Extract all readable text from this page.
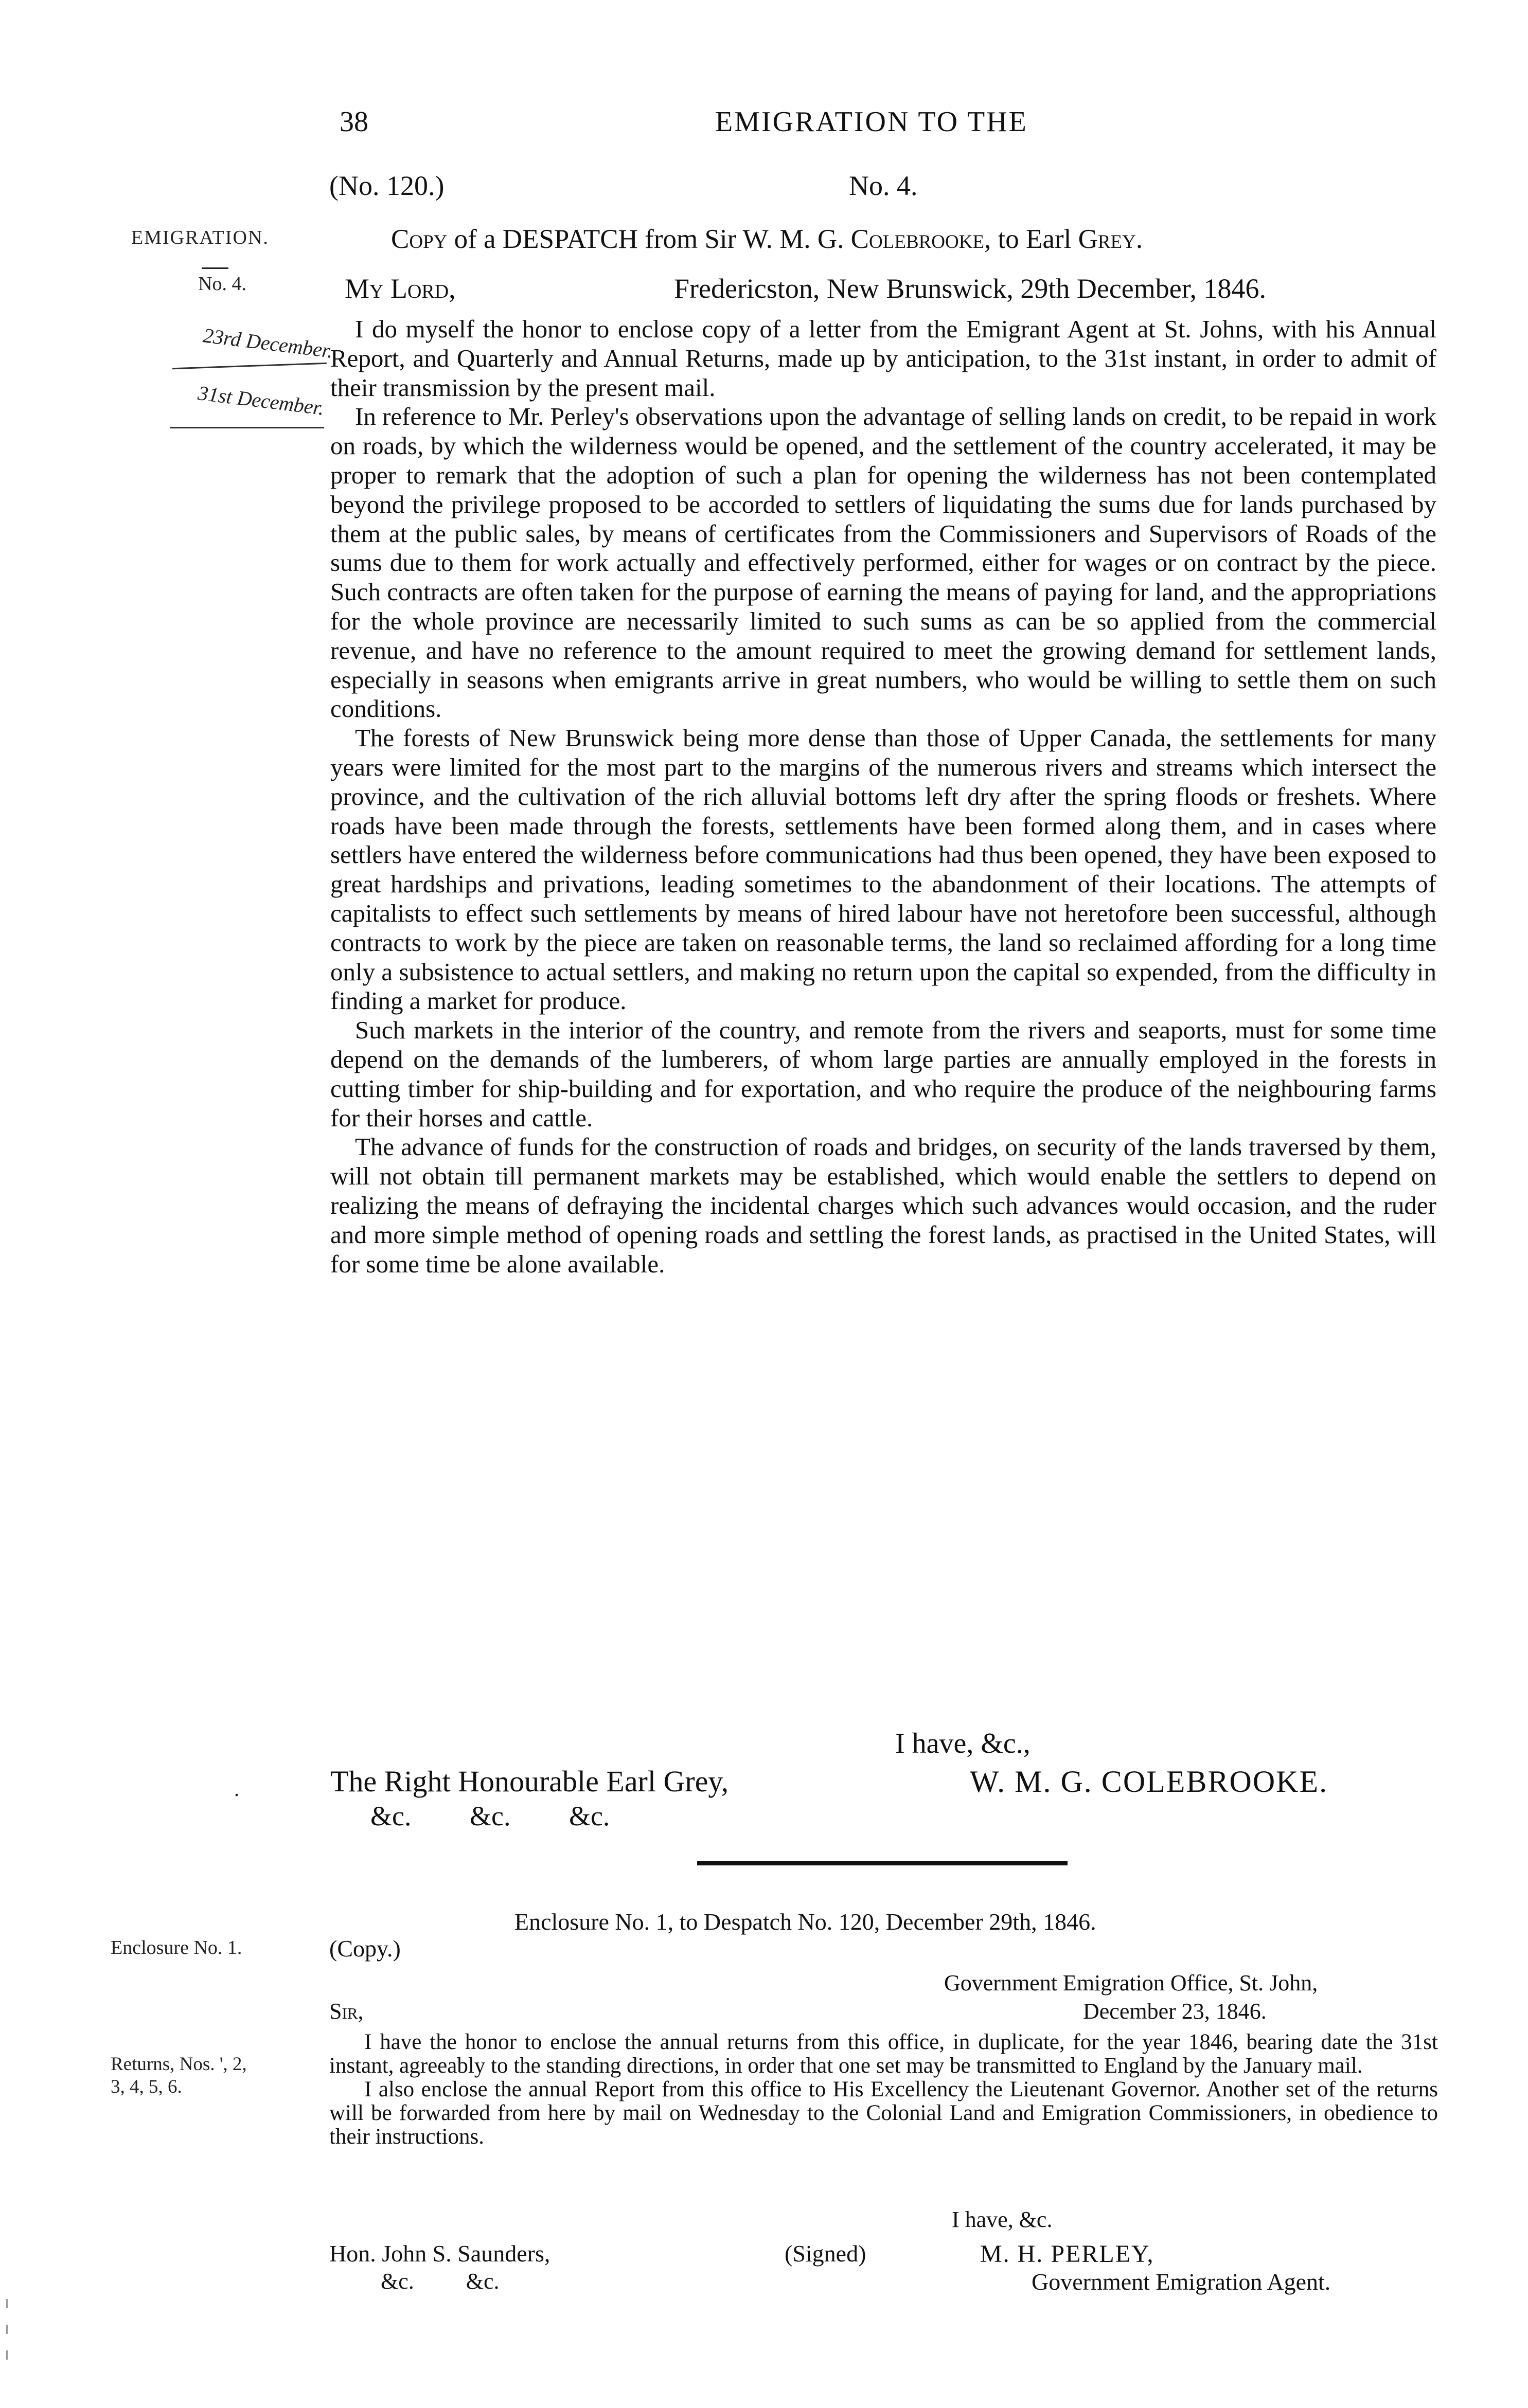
38	EMIGRATION TO THE
EMIGRATION.
No. 4.
23rd December.
31st December.
(No. 120.)	No. 4.
Copy of a DESPATCH from Sir W. M. G. Colebrooke, to Earl Grey.
My Lord,	Fredericston, New Brunswick, 29th December, 1846.

I do myself the honor to enclose copy of a letter from the Emigrant Agent at St. Johns, with his Annual Report, and Quarterly and Annual Returns, made up by anticipation, to the 31st instant, in order to admit of their transmission by the present mail.

In reference to Mr. Perley's observations upon the advantage of selling lands on credit, to be repaid in work on roads, by which the wilderness would be opened, and the settlement of the country accelerated, it may be proper to remark that the adoption of such a plan for opening the wilderness has not been contemplated beyond the privilege proposed to be accorded to settlers of liquidating the sums due for lands purchased by them at the public sales, by means of certificates from the Commissioners and Supervisors of Roads of the sums due to them for work actually and effectively performed, either for wages or on contract by the piece. Such contracts are often taken for the purpose of earning the means of paying for land, and the appropriations for the whole province are necessarily limited to such sums as can be so applied from the commercial revenue, and have no reference to the amount required to meet the growing demand for settlement lands, especially in seasons when emigrants arrive in great numbers, who would be willing to settle them on such conditions.

The forests of New Brunswick being more dense than those of Upper Canada, the settlements for many years were limited for the most part to the margins of the numerous rivers and streams which intersect the province, and the cultivation of the rich alluvial bottoms left dry after the spring floods or freshets. Where roads have been made through the forests, settlements have been formed along them, and in cases where settlers have entered the wilderness before communications had thus been opened, they have been exposed to great hardships and privations, leading sometimes to the abandonment of their locations. The attempts of capitalists to effect such settlements by means of hired labour have not heretofore been successful, although contracts to work by the piece are taken on reasonable terms, the land so reclaimed affording for a long time only a subsistence to actual settlers, and making no return upon the capital so expended, from the difficulty in finding a market for produce.

Such markets in the interior of the country, and remote from the rivers and seaports, must for some time depend on the demands of the lumberers, of whom large parties are annually employed in the forests in cutting timber for ship-building and for exportation, and who require the produce of the neighbouring farms for their horses and cattle.

The advance of funds for the construction of roads and bridges, on security of the lands traversed by them, will not obtain till permanent markets may be established, which would enable the settlers to depend on realizing the means of defraying the incidental charges which such advances would occasion, and the ruder and more simple method of opening roads and settling the forest lands, as practised in the United States, will for some time be alone available.

I have, &c.,
.	The Right Honourable Earl Grey,
&c. &c. &c.
W. M. G. COLEBROOKE.
Enclosure No. 1.
Enclosure No. 1, to Despatch No. 120, December 29th, 1846.
(Copy.)
Government Emigration Office, St. John,
December 23, 1846.
Sir,
Returns, Nos. ', 2,
3, 4, 5, 6.

I have the honor to enclose the annual returns from this office, in duplicate, for the year 1846, bearing date the 31st instant, agreeably to the standing directions, in order that one set may be transmitted to England by the January mail.

I also enclose the annual Report from this office to His Excellency the Lieutenant Governor. Another set of the returns will be forwarded from here by mail on Wednesday to the Colonial Land and Emigration Commissioners, in obedience to their instructions.

I have, &c.
Hon. John S. Saunders,
&c. &c.
(Signed)	M. H. PERLEY,
Government Emigration Agent.
